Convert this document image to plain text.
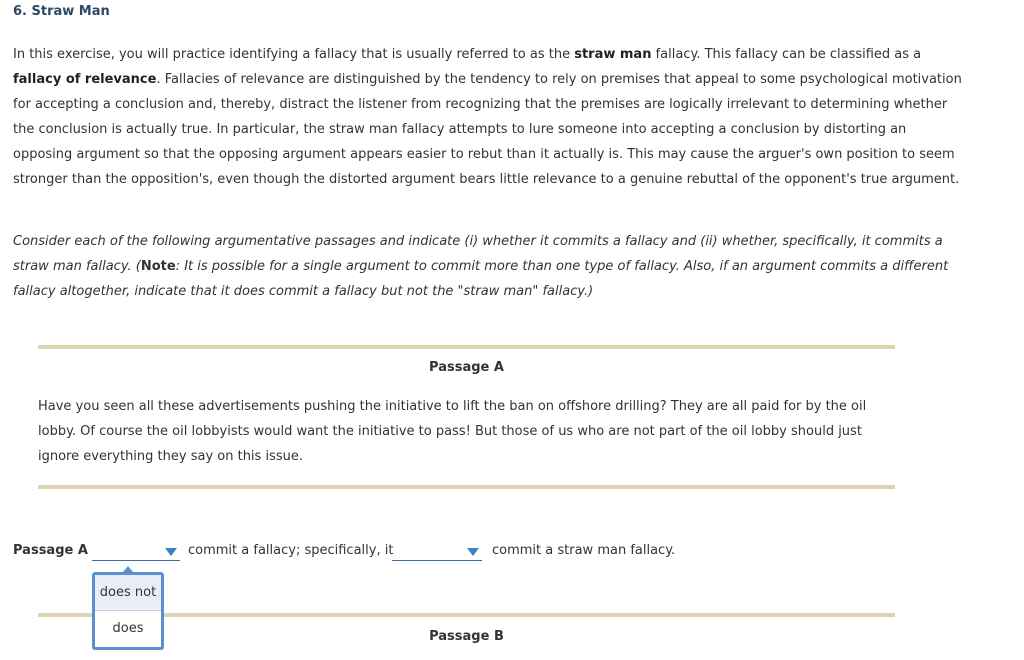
6. Straw Man
In this exercise, you will practice identifying a fallacy that is usually referred to as the straw man fallacy. This fallacy can be classified as a fallacy of relevance. Fallacies of relevance are distinguished by the tendency to rely on premises that appeal to some psychological motivation for accepting a conclusion and, thereby, distract the listener from recognizing that the premises are logically irrelevant to determining whether the conclusion is actually true. In particular, the straw man fallacy attempts to lure someone into accepting a conclusion by distorting an opposing argument so that the opposing argument appears easier to rebut than it actually is. This may cause the arguer's own position to seem stronger than the opposition's, even though the distorted argument bears little relevance to a genuine rebuttal of the opponent's true argument.
Consider each of the following argumentative passages and indicate (i) whether it commits a fallacy and (ii) whether, specifically, it commits a straw man fallacy. (Note: It is possible for a single argument to commit more than one type of fallacy. Also, if an argument commits a different fallacy altogether, indicate that it does commit a fallacy but not the "straw man" fallacy.)
Passage A
Have you seen all these advertisements pushing the initiative to lift the ban on offshore drilling? They are all paid for by the oil lobby. Of course the oil lobbyists would want the initiative to pass! But those of us who are not part of the oil lobby should just ignore everything they say on this issue.
Passage A	commit a fallacy; specifically, it	commit a straw man fallacy.
Passage B
does not
does
